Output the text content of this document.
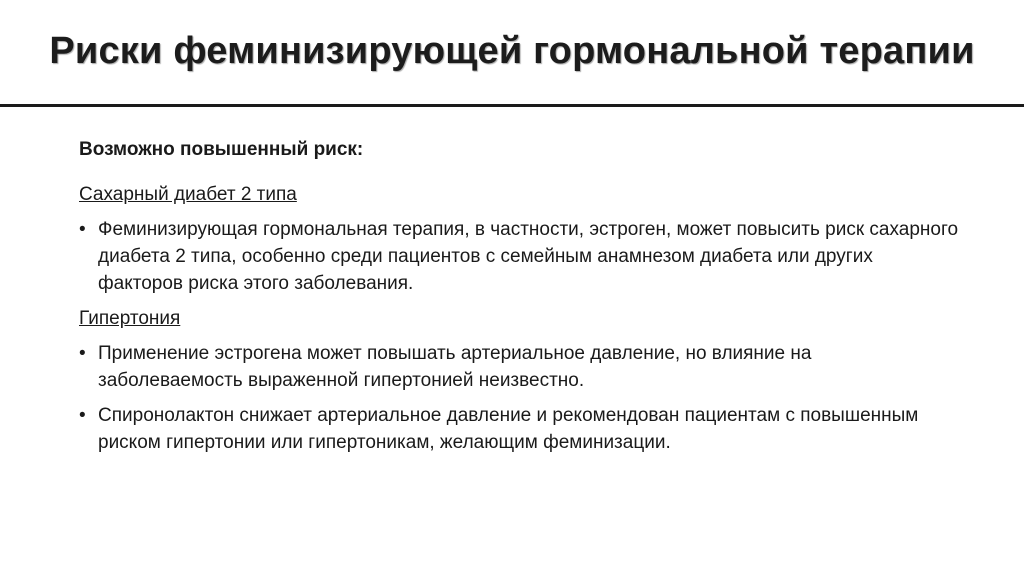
Риски феминизирующей гормональной терапии
Возможно повышенный риск:
Сахарный диабет 2 типа
• Феминизирующая гормональная терапия, в частности, эстроген, может повысить риск сахарного диабета 2 типа, особенно среди пациентов с семейным анамнезом диабета или других факторов риска этого заболевания.
Гипертония
• Применение эстрогена может повышать артериальное давление, но влияние на заболеваемость выраженной гипертонией неизвестно.
• Спиронолактон снижает артериальное давление и рекомендован пациентам с повышенным риском гипертонии или гипертоникам, желающим феминизации.
